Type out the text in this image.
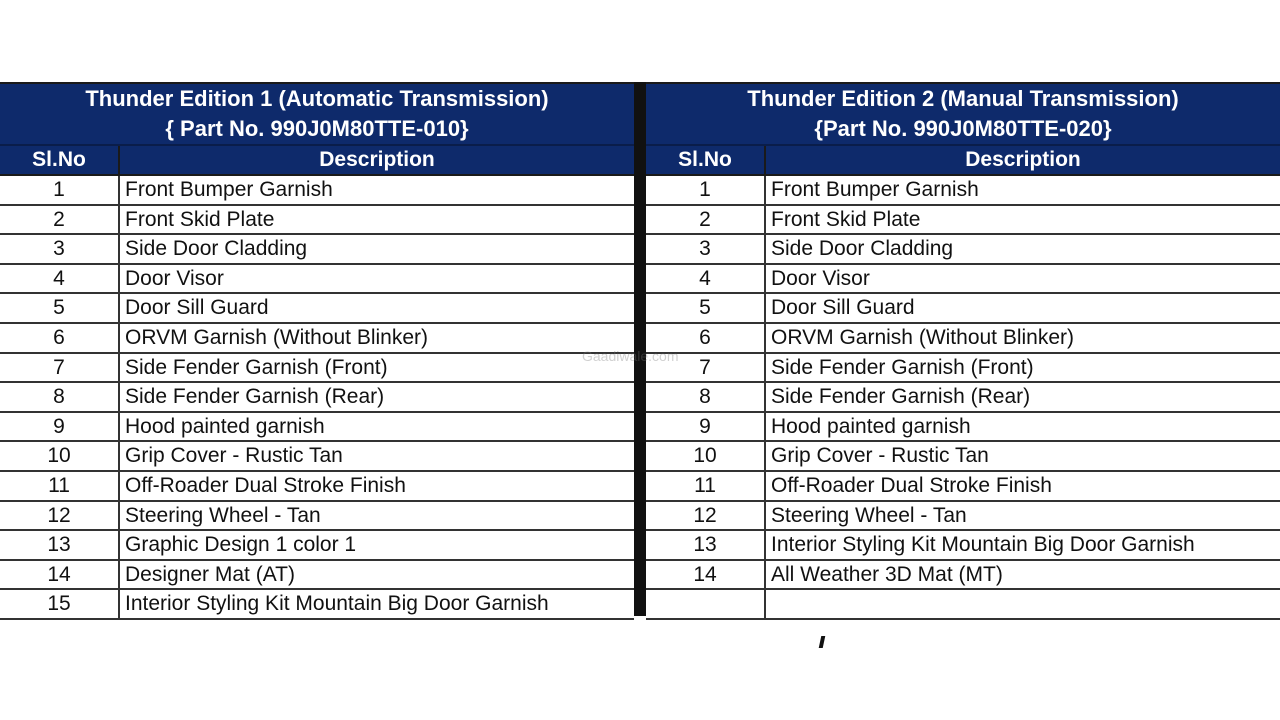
Thunder Edition 1 (Automatic Transmission)
{ Part No. 990J0M80TTE-010}
Sl.No	Description
1	Front Bumper Garnish
2	Front Skid Plate
3	Side Door Cladding
4	Door Visor
5	Door Sill Guard
6	ORVM Garnish (Without Blinker)
7	Side Fender Garnish (Front)
8	Side Fender Garnish (Rear)
9	Hood painted garnish
10	Grip Cover - Rustic Tan
11	Off-Roader Dual Stroke Finish
12	Steering Wheel - Tan
13	Graphic Design 1 color 1
14	Designer Mat (AT)
15	Interior Styling Kit Mountain Big Door Garnish
Thunder Edition 2 (Manual Transmission)
{Part No. 990J0M80TTE-020}
Sl.No	Description
1	Front Bumper Garnish
2	Front Skid Plate
3	Side Door Cladding
4	Door Visor
5	Door Sill Guard
6	ORVM Garnish (Without Blinker)
7	Side Fender Garnish (Front)
8	Side Fender Garnish (Rear)
9	Hood painted garnish
10	Grip Cover - Rustic Tan
11	Off-Roader Dual Stroke Finish
12	Steering Wheel - Tan
13	Interior Styling Kit Mountain Big Door Garnish
14	All Weather 3D Mat (MT)
Gaadiwale.com
